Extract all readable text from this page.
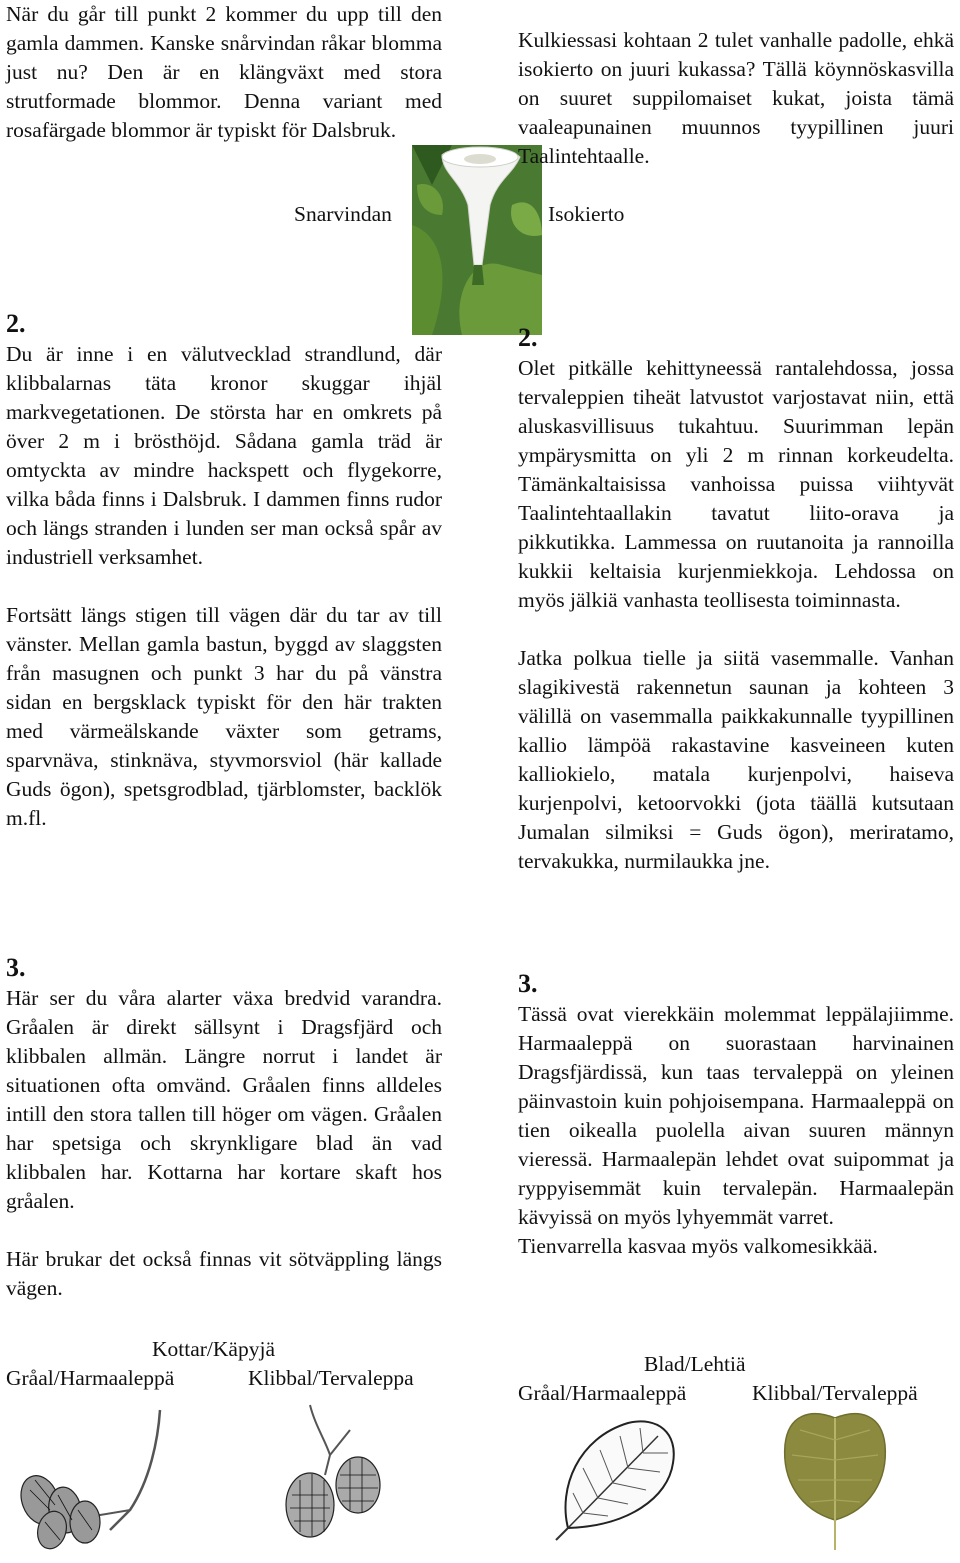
När du går till punkt 2 kommer du upp till den gamla dammen. Kanske snårvindan råkar blomma just nu? Den är en klängväxt med stora strutformade blommor. Denna variant med rosafärgade blommor är typiskt för Dalsbruk.

Snarvindan
2.

Du är inne i en välutvecklad strandlund, där klibbalarnas täta kronor skuggar ihjäl markvegetationen. De största har en omkrets på över 2 m i brösthöjd. Sådana gamla träd är omtyckta av mindre hackspett och flygekorre, vilka båda finns i Dalsbruk. I dammen finns rudor och längs stranden i lunden ser man också spår av industriell verksamhet.

Fortsätt längs stigen till vägen där du tar av till vänster. Mellan gamla bastun, byggd av slaggsten från masugnen och punkt 3 har du på vänstra sidan en bergsklack typiskt för den här trakten med värmeälskande växter som getrams, sparvnäva, stinknäva, styvmorsviol (här kallade Guds ögon), spetsgrodblad, tjärblomster, backlök m.fl.

3.

Här ser du våra alarter växa bredvid varandra. Gråalen är direkt sällsynt i Dragsfjärd och klibbalen allmän. Längre norrut i landet är situationen ofta omvänd. Gråalen finns alldeles intill den stora tallen till höger om vägen. Gråalen har spetsiga och skrynkligare blad än vad klibbalen har. Kottarna har kortare skaft hos gråalen.

Här brukar det också finnas vit sötväppling längs vägen.

Kottar/Käpyjä
Gråal/Harmaaleppä	Klibbal/Tervaleppa

Kulkiessasi kohtaan 2 tulet vanhalle padolle, ehkä isokierto on juuri kukassa? Tällä köynnöskasvilla on suuret suppilomaiset kukat, joista tämä vaaleapunainen muunnos tyypillinen juuri Taalintehtaalle.

Isokierto
2.

Olet pitkälle kehittyneessä rantalehdossa, jossa tervaleppien tiheät latvustot varjostavat niin, että aluskasvillisuus tukahtuu. Suurimman lepän ympärysmitta on yli 2 m rinnan korkeudelta. Tämänkaltaisissa vanhoissa puissa viihtyvät Taalintehtaallakin tavatut liito-orava ja pikkutikka. Lammessa on ruutanoita ja rannoilla kukkii keltaisia kurjenmiekkoja. Lehdossa on myös jälkiä vanhasta teollisesta toiminnasta.

Jatka polkua tielle ja siitä vasemmalle. Vanhan slagikivestä rakennetun saunan ja kohteen 3 välillä on vasemmalla paikkakunnalle tyypillinen kallio lämpöä rakastavine kasveineen kuten kalliokielo, matala kurjenpolvi, haiseva kurjenpolvi, ketoorvokki (jota täällä kutsutaan Jumalan silmiksi = Guds ögon), meriratamo, tervakukka, nurmilaukka jne.

3.

Tässä ovat vierekkäin molemmat leppälajiimme. Harmaaleppä on suorastaan harvinainen Dragsfjärdissä, kun taas tervaleppä on yleinen päinvastoin kuin pohjoisempana. Harmaaleppä on tien oikealla puolella aivan suuren männyn vieressä. Harmaalepän lehdet ovat suipommat ja ryppyisemmät kuin tervalepän. Harmaalepän kävyissä on myös lyhyemmät varret.

Tienvarrella kasvaa myös valkomesikkää.

Blad/Lehtiä
Gråal/Harmaaleppä	Klibbal/Tervaleppä
